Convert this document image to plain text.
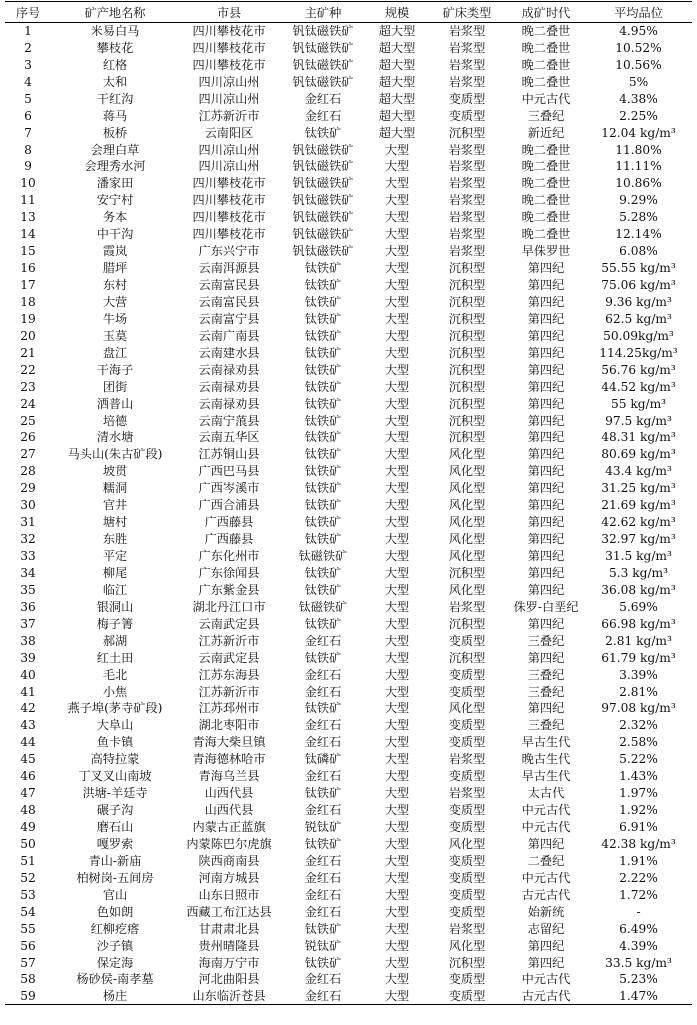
序号	矿产地名称	市县	主矿种	规模	矿床类型	成矿时代	平均品位
1	米易白马	四川攀枝花市	钒钛磁铁矿	超大型	岩浆型	晚二叠世	4.95%
2	攀枝花	四川攀枝花市	钒钛磁铁矿	超大型	岩浆型	晚二叠世	10.52%
3	红格	四川攀枝花市	钒钛磁铁矿	超大型	岩浆型	晚二叠世	10.56%
4	太和	四川凉山州	钒钛磁铁矿	超大型	岩浆型	晚二叠世	5%
5	干红沟	四川凉山州	金红石	超大型	变质型	中元古代	4.38%
6	蒋马	江苏新沂市	金红石	超大型	变质型	三叠纪	2.25%
7	板桥	云南阳区	钛铁矿	超大型	沉积型	新近纪	12.04 kg/m³
8	会理白草	四川凉山州	钒钛磁铁矿	大型	岩浆型	晚二叠世	11.80%
9	会理秀水河	四川凉山州	钒钛磁铁矿	大型	岩浆型	晚二叠世	11.11%
10	潘家田	四川攀枝花市	钒钛磁铁矿	大型	岩浆型	晚二叠世	10.86%
11	安宁村	四川攀枝花市	钒钛磁铁矿	大型	岩浆型	晚二叠世	9.29%
13	务本	四川攀枝花市	钒钛磁铁矿	大型	岩浆型	晚二叠世	5.28%
14	中干沟	四川攀枝花市	钒钛磁铁矿	大型	岩浆型	晚二叠世	12.14%
15	霞岚	广东兴宁市	钒钛磁铁矿	大型	岩浆型	早侏罗世	6.08%
16	腊坪	云南洱源县	钛铁矿	大型	沉积型	第四纪	55.55 kg/m³
17	东村	云南富民县	钛铁矿	大型	沉积型	第四纪	75.06 kg/m³
18	大营	云南富民县	钛铁矿	大型	沉积型	第四纪	9.36 kg/m³
19	牛场	云南富宁县	钛铁矿	大型	沉积型	第四纪	62.5 kg/m³
20	玉莫	云南广南县	钛铁矿	大型	沉积型	第四纪	50.09kg/m³
21	盘江	云南建水县	钛铁矿	大型	沉积型	第四纪	114.25kg/m³
22	干海子	云南禄劝县	钛铁矿	大型	沉积型	第四纪	56.76 kg/m³
23	团街	云南禄劝县	钛铁矿	大型	沉积型	第四纪	44.52 kg/m³
24	洒普山	云南禄劝县	钛铁矿	大型	沉积型	第四纪	55 kg/m³
25	培德	云南宁蒗县	钛铁矿	大型	沉积型	第四纪	97.5 kg/m³
26	清水塘	云南五华区	钛铁矿	大型	沉积型	第四纪	48.31 kg/m³
27	马头山(朱古矿段)	江苏铜山县	钛铁矿	大型	风化型	第四纪	80.69 kg/m³
28	坡贯	广西巴马县	钛铁矿	大型	风化型	第四纪	43.4 kg/m³
29	糯洞	广西岑溪市	钛铁矿	大型	风化型	第四纪	31.25 kg/m³
30	官井	广西合浦县	钛铁矿	大型	风化型	第四纪	21.69 kg/m³
31	塘村	广西藤县	钛铁矿	大型	风化型	第四纪	42.62 kg/m³
32	东胜	广西藤县	钛铁矿	大型	风化型	第四纪	32.97 kg/m³
33	平定	广东化州市	钛磁铁矿	大型	风化型	第四纪	31.5 kg/m³
34	柳尾	广东徐闻县	钛铁矿	大型	沉积型	第四纪	5.3 kg/m³
35	临江	广东紫金县	钛铁矿	大型	风化型	第四纪	36.08 kg/m³
36	银洞山	湖北丹江口市	钛磁铁矿	大型	岩浆型	侏罗-白垩纪	5.69%
37	梅子箐	云南武定县	钛铁矿	大型	沉积型	第四纪	66.98 kg/m³
38	郝湖	江苏新沂市	金红石	大型	变质型	三叠纪	2.81 kg/m³
39	红土田	云南武定县	钛铁矿	大型	沉积型	第四纪	61.79 kg/m³
40	毛北	江苏东海县	金红石	大型	变质型	三叠纪	3.39%
41	小焦	江苏新沂市	金红石	大型	变质型	三叠纪	2.81%
42	燕子埠(茅寺矿段)	江苏邳州市	钛铁矿	大型	风化型	第四纪	97.08 kg/m³
43	大阜山	湖北枣阳市	金红石	大型	变质型	三叠纪	2.32%
44	鱼卡镇	青海大柴旦镇	金红石	大型	变质型	早古生代	2.58%
45	高特拉蒙	青海德林哈市	钛磷矿	大型	岩浆型	晚古生代	5.22%
46	丁叉叉山南坡	青海乌兰县	金红石	大型	变质型	早古生代	1.43%
47	洪塘-羊廷寺	山西代县	钛铁矿	大型	岩浆型	太古代	1.97%
48	碾子沟	山西代县	金红石	大型	变质型	中元古代	1.92%
49	磨石山	内蒙古正蓝旗	锐钛矿	大型	变质型	中元古代	6.91%
50	嘎罗索	内蒙陈巴尔虎旗	钛铁矿	大型	风化型	第四纪	42.38 kg/m³
51	青山-新庙	陕西商南县	金红石	大型	变质型	二叠纪	1.91%
52	柏树岗-五间房	河南方城县	金红石	大型	变质型	中元古代	2.22%
53	官山	山东日照市	金红石	大型	变质型	古元古代	1.72%
54	色如朗	西藏工布江达县	金红石	大型	变质型	始新统	-
55	红柳疙瘩	甘肃肃北县	钛铁矿	大型	岩浆型	志留纪	6.49%
56	沙子镇	贵州晴隆县	锐钛矿	大型	风化型	第四纪	4.39%
57	保定海	海南万宁市	钛铁矿	大型	沉积型	第四纪	33.5 kg/m³
58	杨砂侯-南孝墓	河北曲阳县	金红石	大型	变质型	中元古代	5.23%
59	杨庄	山东临沂苍县	金红石	大型	变质型	古元古代	1.47%
